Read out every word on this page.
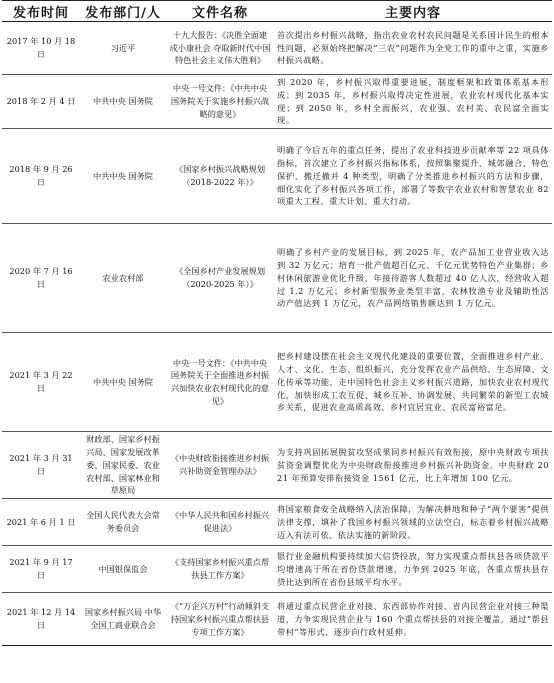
发布时间	发布部门/人	文件名称	主要内容
2017 年 10 月 18 日	习近平	十九大报告：《决胜全面建成小康社会 夺取新时代中国特色社会主义伟大胜利》	首次提出乡村振兴战略，指出农业农村农民问题是关系国计民生的根本性问题，必须始终把解决“三农”问题作为全党工作的重中之重，实施乡村振兴战略。
2018 年 2 月 4 日	中共中央 国务院	中央一号文件：《中共中央国务院关于实施乡村振兴战略的意见》	到 2020 年，乡村振兴取得重要进展，制度框架和政策体系基本形成；到 2035 年，乡村振兴取得决定性进展，农业农村现代化基本实现；到 2050 年，乡村全面振兴，农业强、农村美、农民富全面实现。
2018 年 9 月 26 日	中共中央 国务院	《国家乡村振兴战略规划（2018-2022 年）》	明确了今后五年的重点任务，提出了农业科技进步贡献率等 22 项具体指标，首次建立了乡村振兴指标体系，按照集聚提升、城郊融合、特色保护、搬迁撤并 4 种类型，明确了分类推进乡村振兴的方法和步骤，细化实化了乡村振兴各项工作，部署了等数字农业农村和智慧农业 82 项重大工程、重大计划、重大行动。
2020 年 7 月 16 日	农业农村部	《全国乡村产业发展规划（2020-2025 年）》	明确了乡村产业的发展目标，到 2025 年，农产品加工业营业收入达到 32 万亿元；培育一批产值超百亿元、千亿元优势特色产业集群；乡村休闲旅游业优化升级，年接待游客人数超过 40 亿人次，经营收入超过 1.2 万亿元；乡村新型服务业类型丰富，农林牧渔专业及辅助性活动产值达到 1 万亿元，农产品网络销售额达到 1 万亿元。
2021 年 3 月 22 日	中共中央 国务院	中央一号文件：《中共中央国务院关于全面推进乡村振兴加快农业农村现代化的意见》	把乡村建设摆在社会主义现代化建设的重要位置，全面推进乡村产业、人才、文化、生态、组织振兴，充分发挥农业产品供给、生态屏障、文化传承等功能，走中国特色社会主义乡村振兴道路，加快农业农村现代化，加快形成工农互促、城乡互补、协调发展、共同繁荣的新型工农城乡关系，促进农业高质高效、乡村宜居宜业、农民富裕富足。
2021 年 3 月 31 日	财政部、国家乡村振兴局、国家发展改革委、国家民委、农业农村部、国家林业和草原局	《中央财政衔接推进乡村振兴补助资金管理办法》	为支持巩固拓展脱贫攻坚成果同乡村振兴有效衔接，原中央财政专项扶贫资金调整优化为中央财政衔接推进乡村振兴补助资金。中央财政 2021 年预算安排衔接资金 1561 亿元，比上年增加 100 亿元。
2021 年 6 月 1 日	全国人民代表大会常务委员会	《中华人民共和国乡村振兴促进法》	将国家粮食安全战略纳入法治保障，为解决耕地和种子“两个要害”提供法律支撑，填补了我国乡村振兴领域的立法空白，标志着乡村振兴战略迈入有法可依、依法实施的新阶段。
2021 年 9 月 17 日	中国银保监会	《支持国家乡村振兴重点帮扶县工作方案》	银行业金融机构要持续加大信贷投放，努力实现重点帮扶县各项贷款平均增速高于所在省份贷款增速，力争到 2025 年底，各重点帮扶县存贷比达到所在省份县域平均水平。
2021 年 12 月 14 日	国家乡村振兴局 中华全国工商业联合会	《“万企兴万村”行动倾斜支持国家乡村振兴重点帮扶县专项工作方案》	将通过重点民营企业对接、东西部协作对接、省内民营企业对接三种渠道，力争实现民营企业与 160 个重点帮扶县的对接全覆盖，通过“帮县带村”等形式，逐步向行政村延伸。
